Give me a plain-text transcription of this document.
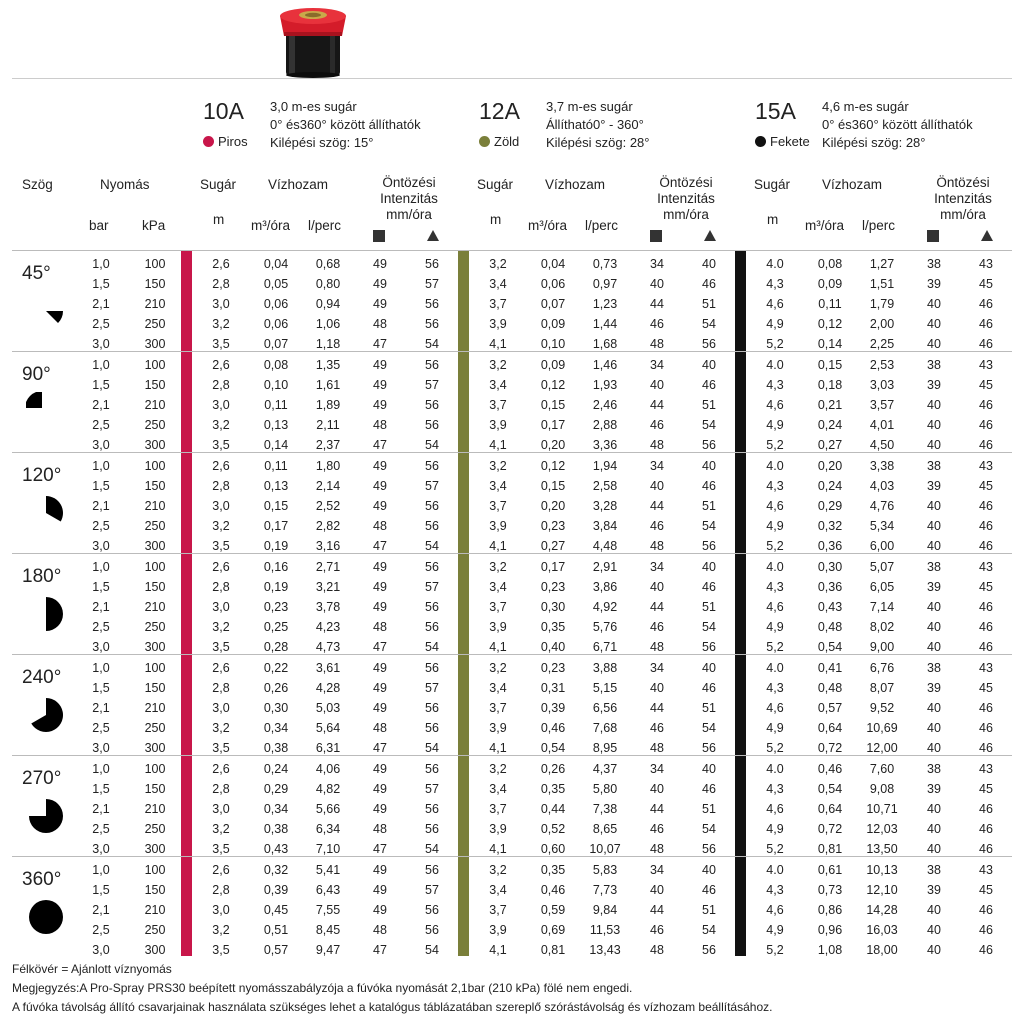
10A
Piros
3,0 m-es sugár
0° és360° között állíthatók
Kilépési szög: 15°
12A
Zöld
3,7 m-es sugár
Állítható0° - 360°
Kilépési szög: 28°
15A
Fekete
4,6 m-es sugár
0° és360° között állíthatók
Kilépési szög: 28°
Szög	Nyomás
bar kPa
Sugár
m
Vízhozam
m³/óra l/perc
Öntözési
Intenzitás
mm/óra
Sugár
m
Vízhozam
m³/óra l/perc
Öntözési
Intenzitás
mm/óra
Sugár
m
Vízhozam
m³/óra l/perc
Öntözési
Intenzitás
mm/óra
45°	1,0	100	2,6	0,04	0,68	49	56	3,2	0,04	0,73	34	40	4.0	0,08	1,27	38	43
1,5	150	2,8	0,05	0,80	49	57	3,4	0,06	0,97	40	46	4,3	0,09	1,51	39	45
2,1	210	3,0	0,06	0,94	49	56	3,7	0,07	1,23	44	51	4,6	0,11	1,79	40	46
2,5	250	3,2	0,06	1,06	48	56	3,9	0,09	1,44	46	54	4,9	0,12	2,00	40	46
3,0	300	3,5	0,07	1,18	47	54	4,1	0,10	1,68	48	56	5,2	0,14	2,25	40	46
90°	1,0	100	2,6	0,08	1,35	49	56	3,2	0,09	1,46	34	40	4.0	0,15	2,53	38	43
1,5	150	2,8	0,10	1,61	49	57	3,4	0,12	1,93	40	46	4,3	0,18	3,03	39	45
2,1	210	3,0	0,11	1,89	49	56	3,7	0,15	2,46	44	51	4,6	0,21	3,57	40	46
2,5	250	3,2	0,13	2,11	48	56	3,9	0,17	2,88	46	54	4,9	0,24	4,01	40	46
3,0	300	3,5	0,14	2,37	47	54	4,1	0,20	3,36	48	56	5,2	0,27	4,50	40	46
120°	1,0	100	2,6	0,11	1,80	49	56	3,2	0,12	1,94	34	40	4.0	0,20	3,38	38	43
1,5	150	2,8	0,13	2,14	49	57	3,4	0,15	2,58	40	46	4,3	0,24	4,03	39	45
2,1	210	3,0	0,15	2,52	49	56	3,7	0,20	3,28	44	51	4,6	0,29	4,76	40	46
2,5	250	3,2	0,17	2,82	48	56	3,9	0,23	3,84	46	54	4,9	0,32	5,34	40	46
3,0	300	3,5	0,19	3,16	47	54	4,1	0,27	4,48	48	56	5,2	0,36	6,00	40	46
180°	1,0	100	2,6	0,16	2,71	49	56	3,2	0,17	2,91	34	40	4.0	0,30	5,07	38	43
1,5	150	2,8	0,19	3,21	49	57	3,4	0,23	3,86	40	46	4,3	0,36	6,05	39	45
2,1	210	3,0	0,23	3,78	49	56	3,7	0,30	4,92	44	51	4,6	0,43	7,14	40	46
2,5	250	3,2	0,25	4,23	48	56	3,9	0,35	5,76	46	54	4,9	0,48	8,02	40	46
3,0	300	3,5	0,28	4,73	47	54	4,1	0,40	6,71	48	56	5,2	0,54	9,00	40	46
240°	1,0	100	2,6	0,22	3,61	49	56	3,2	0,23	3,88	34	40	4.0	0,41	6,76	38	43
1,5	150	2,8	0,26	4,28	49	57	3,4	0,31	5,15	40	46	4,3	0,48	8,07	39	45
2,1	210	3,0	0,30	5,03	49	56	3,7	0,39	6,56	44	51	4,6	0,57	9,52	40	46
2,5	250	3,2	0,34	5,64	48	56	3,9	0,46	7,68	46	54	4,9	0,64	10,69	40	46
3,0	300	3,5	0,38	6,31	47	54	4,1	0,54	8,95	48	56	5,2	0,72	12,00	40	46
270°	1,0	100	2,6	0,24	4,06	49	56	3,2	0,26	4,37	34	40	4.0	0,46	7,60	38	43
1,5	150	2,8	0,29	4,82	49	57	3,4	0,35	5,80	40	46	4,3	0,54	9,08	39	45
2,1	210	3,0	0,34	5,66	49	56	3,7	0,44	7,38	44	51	4,6	0,64	10,71	40	46
2,5	250	3,2	0,38	6,34	48	56	3,9	0,52	8,65	46	54	4,9	0,72	12,03	40	46
3,0	300	3,5	0,43	7,10	47	54	4,1	0,60	10,07	48	56	5,2	0,81	13,50	40	46
360°	1,0	100	2,6	0,32	5,41	49	56	3,2	0,35	5,83	34	40	4.0	0,61	10,13	38	43
1,5	150	2,8	0,39	6,43	49	57	3,4	0,46	7,73	40	46	4,3	0,73	12,10	39	45
2,1	210	3,0	0,45	7,55	49	56	3,7	0,59	9,84	44	51	4,6	0,86	14,28	40	46
2,5	250	3,2	0,51	8,45	48	56	3,9	0,69	11,53	46	54	4,9	0,96	16,03	40	46
3,0	300	3,5	0,57	9,47	47	54	4,1	0,81	13,43	48	56	5,2	1,08	18,00	40	46
Félkövér = Ajánlott víznyomás
Megjegyzés:A Pro-Spray PRS30 beépített nyomásszabályzója a fúvóka nyomását 2,1bar (210 kPa) fölé nem engedi.
A fúvóka távolság állító csavarjainak használata szükséges lehet a katalógus táblázatában szereplő szórástávolság és vízhozam beállításához.
